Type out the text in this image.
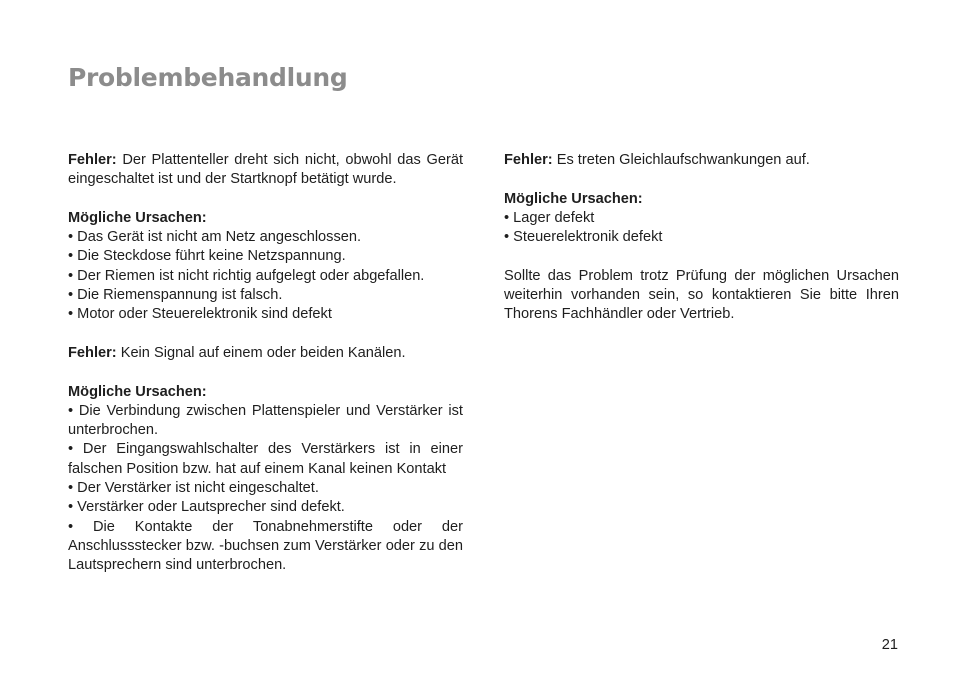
Problembehandlung

Fehler: Der Plattenteller dreht sich nicht, obwohl das Gerät eingeschaltet ist und der Startknopf betätigt wurde.

Mögliche Ursachen:

• Das Gerät ist nicht am Netz angeschlossen.
• Die Steckdose führt keine Netzspannung.
• Der Riemen ist nicht richtig aufgelegt oder abgefallen.
• Die Riemenspannung ist falsch.
• Motor oder Steuerelektronik sind defekt

Fehler: Kein Signal auf einem oder beiden Kanälen.

Mögliche Ursachen:

• Die Verbindung zwischen Plattenspieler und Verstärker ist unterbrochen.
• Der Eingangswahlschalter des Verstärkers ist in einer falschen Position bzw. hat auf einem Kanal keinen Kontakt
• Der Verstärker ist nicht eingeschaltet.
• Verstärker oder Lautsprecher sind defekt.
• Die Kontakte der Tonabnehmerstifte oder der Anschlussstecker bzw. -buchsen zum Verstärker oder zu den Lautsprechern sind unterbrochen.

Fehler: Es treten Gleichlaufschwankungen auf.

Mögliche Ursachen:

• Lager defekt
• Steuerelektronik defekt

Sollte das Problem trotz Prüfung der möglichen Ursachen weiterhin vorhanden sein, so kontaktieren Sie bitte Ihren Thorens Fachhändler oder Vertrieb.

21
